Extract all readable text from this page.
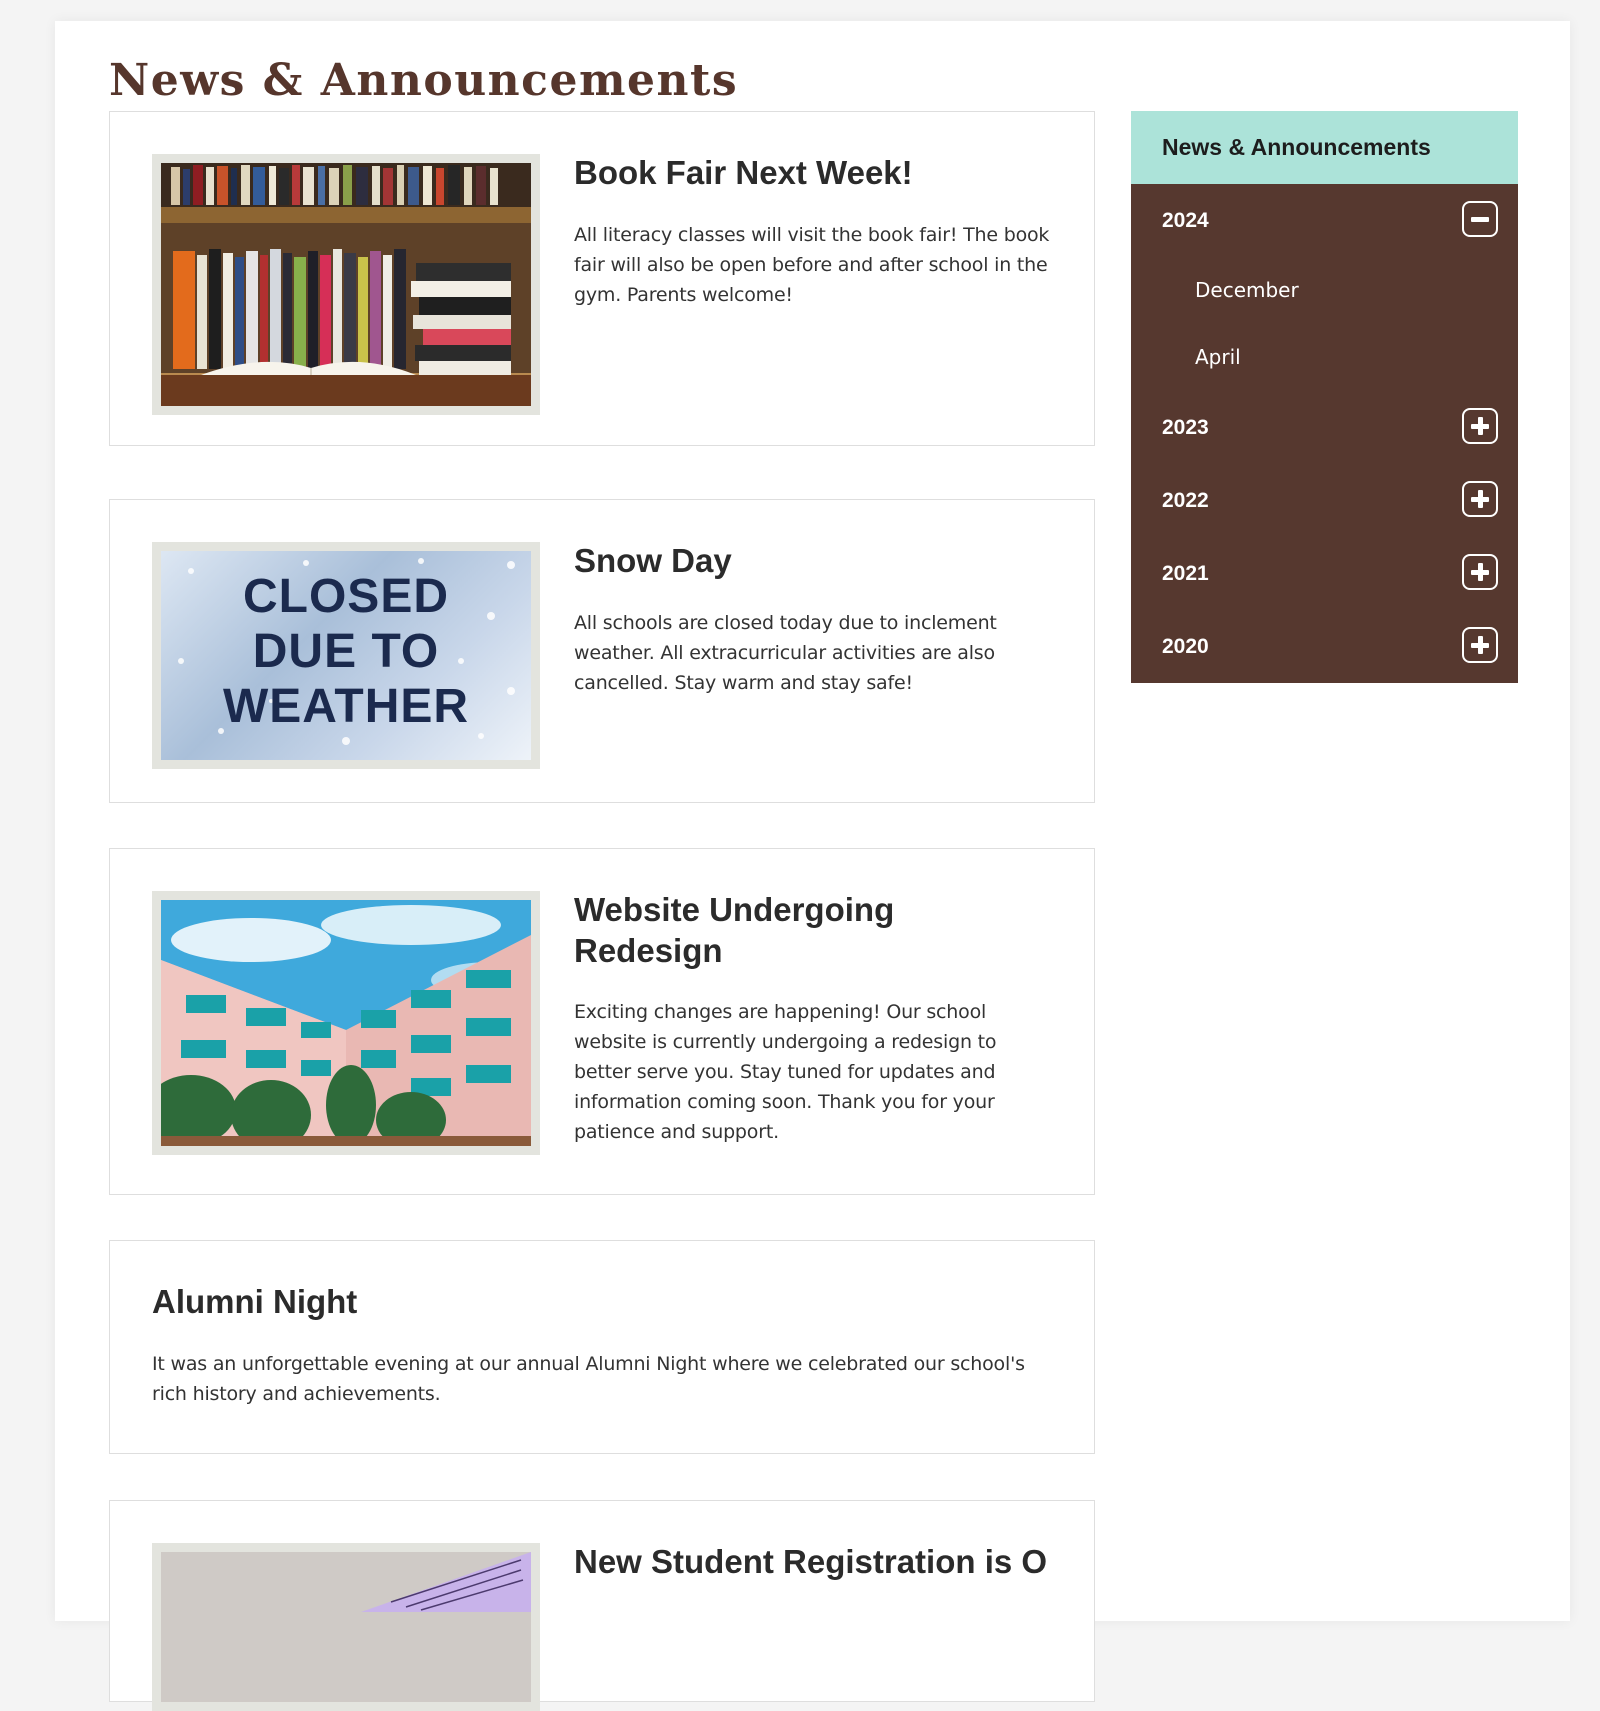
News & Announcements
Book Fair Next Week!

All literacy classes will visit the book fair! The book fair will also be open before and after school in the gym. Parents welcome!

CLOSED
DUE TO
WEATHER
Snow Day

All schools are closed today due to inclement weather. All extracurricular activities are also cancelled. Stay warm and stay safe!

Website Undergoing Redesign

Exciting changes are happening! Our school website is currently undergoing a redesign to better serve you. Stay tuned for updates and information coming soon. Thank you for your patience and support.

Alumni Night

It was an unforgettable evening at our annual Alumni Night where we celebrated our school's rich history and achievements.

New Student Registration is O
News & Announcements
2024
December
April
2023
2022
2021
2020
